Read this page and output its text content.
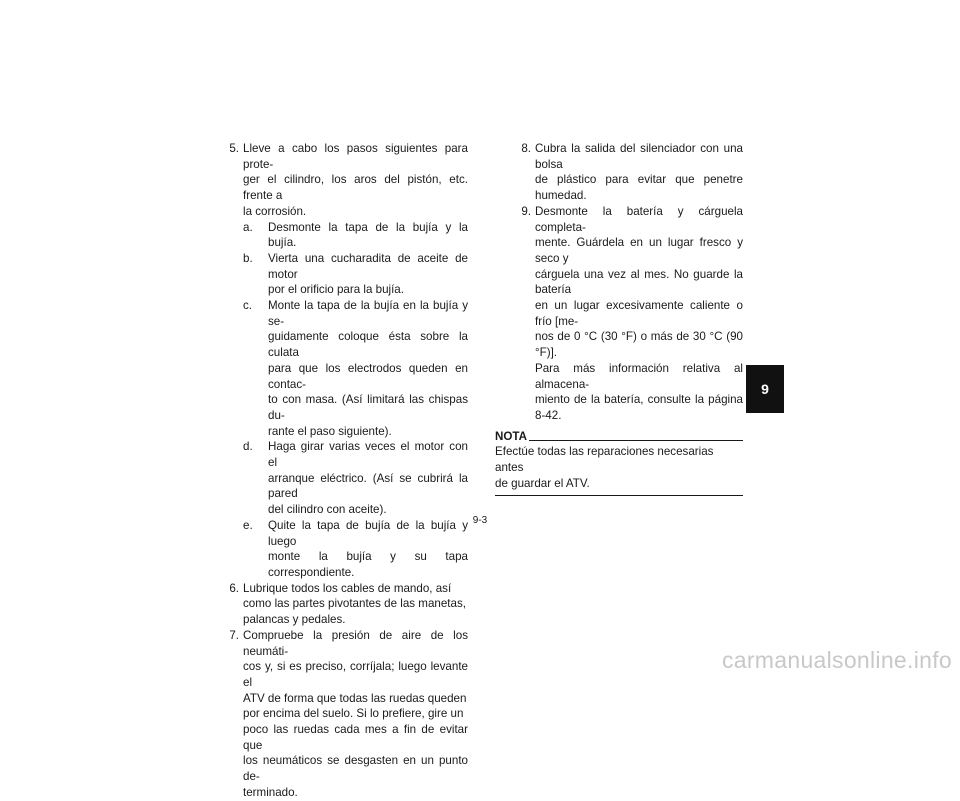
5. Lleve a cabo los pasos siguientes para prote-
ger el cilindro, los aros del pistón, etc. frente a
la corrosión.
a.	Desmonte la tapa de la bujía y la bujía.
b.	Vierta una cucharadita de aceite de motor
por el orificio para la bujía.
c.	Monte la tapa de la bujía en la bujía y se-
guidamente coloque ésta sobre la culata
para que los electrodos queden en contac-
to con masa. (Así limitará las chispas du-
rante el paso siguiente).
d.	Haga girar varias veces el motor con el
arranque eléctrico. (Así se cubrirá la pared
del cilindro con aceite).
e.	Quite la tapa de bujía de la bujía y luego
monte la bujía y su tapa correspondiente.
6. Lubrique todos los cables de mando, así
como las partes pivotantes de las manetas,
palancas y pedales.
7. Compruebe la presión de aire de los neumáti-
cos y, si es preciso, corríjala; luego levante el
ATV de forma que todas las ruedas queden
por encima del suelo. Si lo prefiere, gire un
poco las ruedas cada mes a fin de evitar que
los neumáticos se desgasten en un punto de-
terminado.
8. Cubra la salida del silenciador con una bolsa
de plástico para evitar que penetre humedad.
9. Desmonte la batería y cárguela completa-
mente. Guárdela en un lugar fresco y seco y
cárguela una vez al mes. No guarde la batería
en un lugar excesivamente caliente o frío [me-
nos de 0 °C (30 °F) o más de 30 °C (90 °F)].
Para más información relativa al almacena-
miento de la batería, consulte la página 8-42.
NOTA

Efectúe todas las reparaciones necesarias antes
de guardar el ATV.

9
9-3
carmanualsonline.info
